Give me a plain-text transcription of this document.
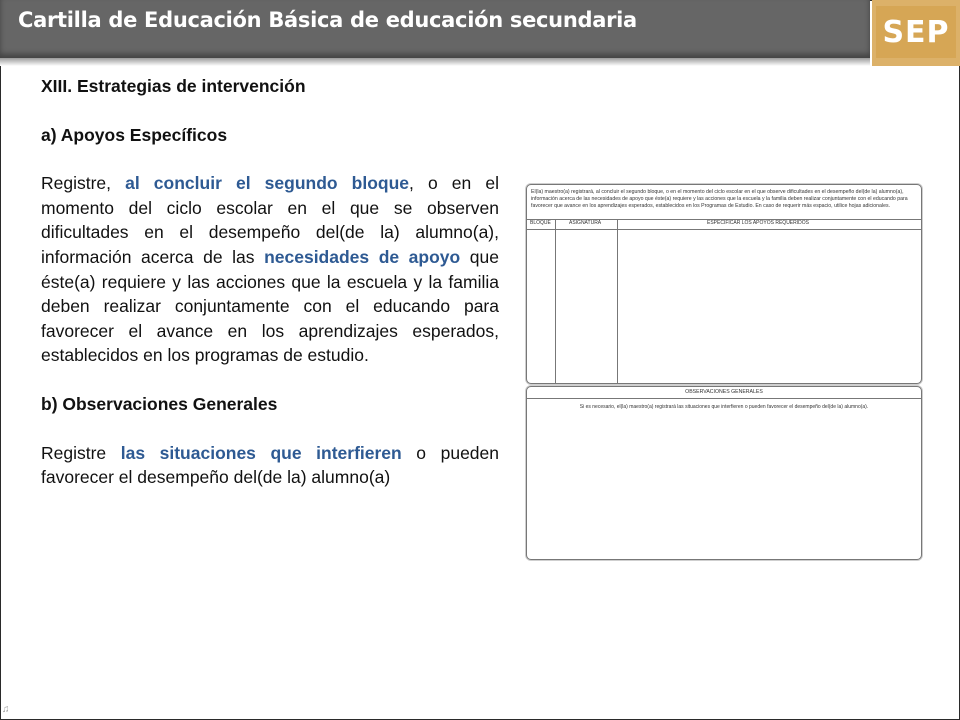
Cartilla de Educación Básica de educación secundaria	SEP

XIII. Estrategias de intervención

a) Apoyos Específicos

Registre, al concluir el segundo bloque, o en el momento del ciclo escolar en el que se observen dificultades en el desempeño del(de la) alumno(a), información acerca de las necesidades de apoyo que éste(a) requiere y las acciones que la escuela y la familia deben realizar conjuntamente con el educando para favorecer el avance en los aprendizajes esperados, establecidos en los programas de estudio.

b) Observaciones Generales

Registre las situaciones que interfieren o pueden favorecer el desempeño del(de la) alumno(a)

El(la) maestro(a) registrará, al concluir el segundo bloque, o en el momento del ciclo escolar en el que observe dificultades en el desempeño del(de la) alumno(a), información acerca de las necesidades de apoyo que éste(a) requiere y las acciones que la escuela y la familia deben realizar conjuntamente con el educando para favorecer que avance en los aprendizajes esperados, establecidos en los Programas de Estudio. En caso de requerir más espacio, utilice hojas adicionales.
BLOQUE	ASIGNATURA	ESPECIFICAR LOS APOYOS REQUERIDOS
OBSERVACIONES GENERALES
Si es necesario, el(la) maestro(a) registrará las situaciones que interfieren o pueden favorecer el desempeño del(de la) alumno(a).
♫
